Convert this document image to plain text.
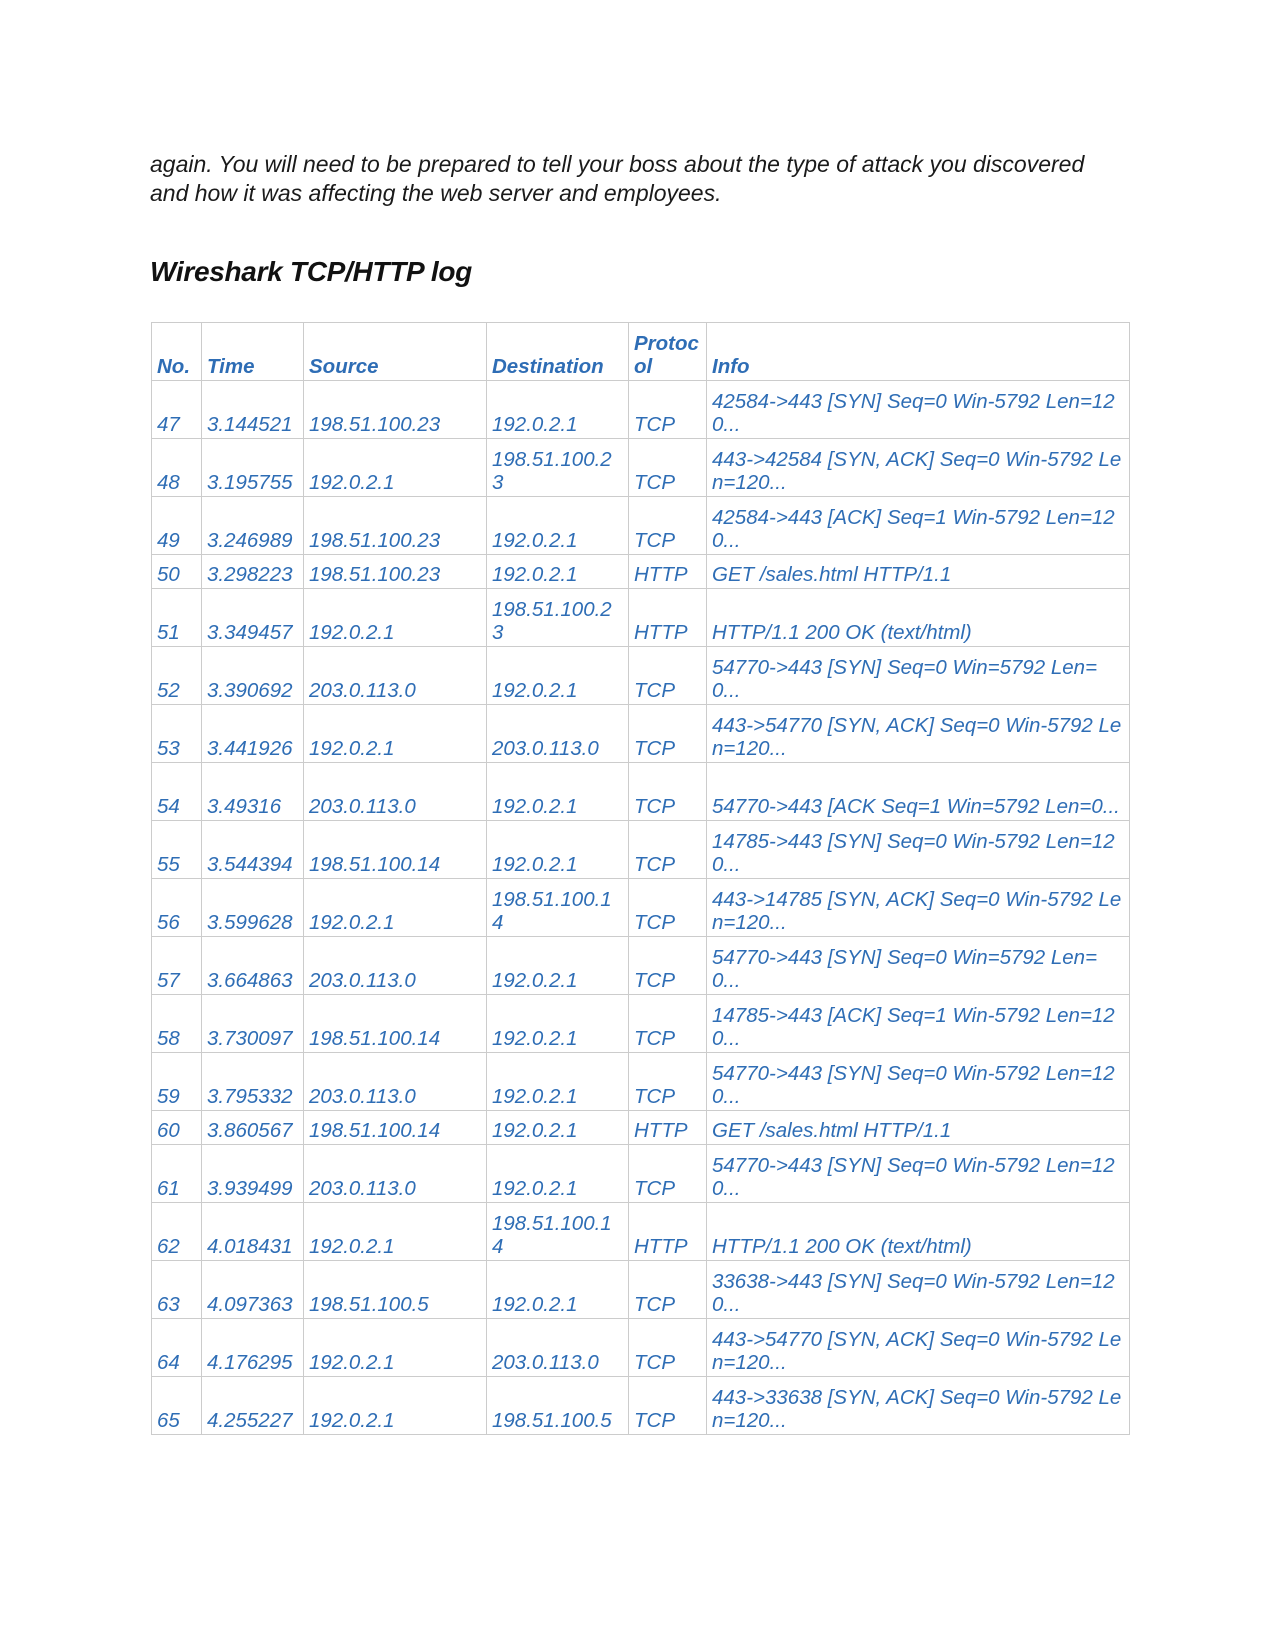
again. You will need to be prepared to tell your boss about the type of attack you discovered and how it was affecting the web server and employees.

Wireshark TCP/HTTP log
No.	Time	Source	Destination	Protocol	Info
47	3.144521	198.51.100.23	192.0.2.1	TCP	42584->443 [SYN] Seq=0 Win-5792 Len=120...
48	3.195755	192.0.2.1	198.51.100.23	TCP	443->42584 [SYN, ACK] Seq=0 Win-5792 Len=120...
49	3.246989	198.51.100.23	192.0.2.1	TCP	42584->443 [ACK] Seq=1 Win-5792 Len=120...
50	3.298223	198.51.100.23	192.0.2.1	HTTP	GET /sales.html HTTP/1.1
51	3.349457	192.0.2.1	198.51.100.23	HTTP	HTTP/1.1 200 OK (text/html)
52	3.390692	203.0.113.0	192.0.2.1	TCP	54770->443 [SYN] Seq=0 Win=5792 Len=0...
53	3.441926	192.0.2.1	203.0.113.0	TCP	443->54770 [SYN, ACK] Seq=0 Win-5792 Len=120...
54	3.49316	203.0.113.0	192.0.2.1	TCP	54770->443 [ACK Seq=1 Win=5792 Len=0...
55	3.544394	198.51.100.14	192.0.2.1	TCP	14785->443 [SYN] Seq=0 Win-5792 Len=120...
56	3.599628	192.0.2.1	198.51.100.14	TCP	443->14785 [SYN, ACK] Seq=0 Win-5792 Len=120...
57	3.664863	203.0.113.0	192.0.2.1	TCP	54770->443 [SYN] Seq=0 Win=5792 Len=0...
58	3.730097	198.51.100.14	192.0.2.1	TCP	14785->443 [ACK] Seq=1 Win-5792 Len=120...
59	3.795332	203.0.113.0	192.0.2.1	TCP	54770->443 [SYN] Seq=0 Win-5792 Len=120...
60	3.860567	198.51.100.14	192.0.2.1	HTTP	GET /sales.html HTTP/1.1
61	3.939499	203.0.113.0	192.0.2.1	TCP	54770->443 [SYN] Seq=0 Win-5792 Len=120...
62	4.018431	192.0.2.1	198.51.100.14	HTTP	HTTP/1.1 200 OK (text/html)
63	4.097363	198.51.100.5	192.0.2.1	TCP	33638->443 [SYN] Seq=0 Win-5792 Len=120...
64	4.176295	192.0.2.1	203.0.113.0	TCP	443->54770 [SYN, ACK] Seq=0 Win-5792 Len=120...
65	4.255227	192.0.2.1	198.51.100.5	TCP	443->33638 [SYN, ACK] Seq=0 Win-5792 Len=120...
